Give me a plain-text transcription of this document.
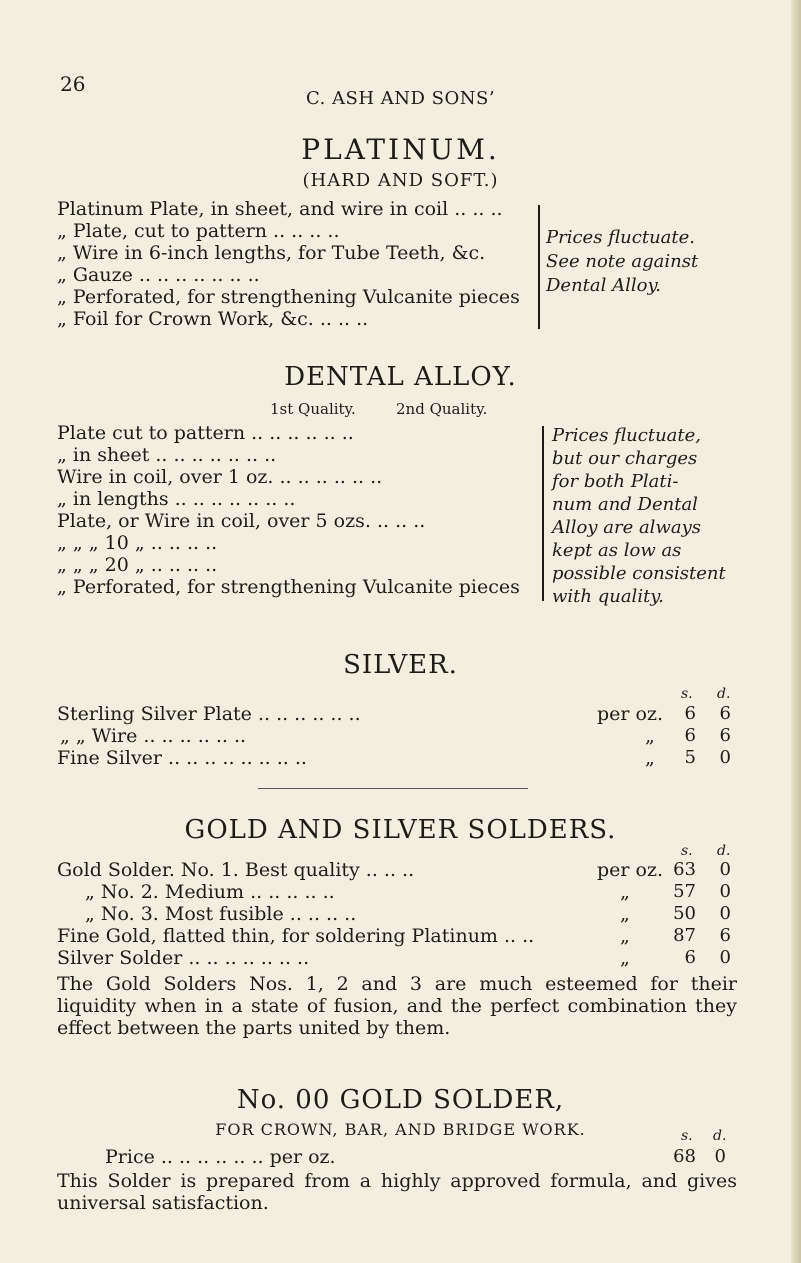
26
C. ASH AND SONS’
PLATINUM.
(HARD AND SOFT.)
Platinum Plate, in sheet, and wire in coil .. .. ..
„ Plate, cut to pattern .. .. .. ..
„ Wire in 6-inch lengths, for Tube Teeth, &c.
„ Gauze .. .. .. .. .. .. ..
„ Perforated, for strengthening Vulcanite pieces
„ Foil for Crown Work, &c. .. .. ..
Prices fluctuate.
See note against
Dental Alloy.
DENTAL ALLOY.
1st Quality.	2nd Quality.
Plate cut to pattern .. .. .. .. .. ..
„ in sheet .. .. .. .. .. .. ..
Wire in coil, over 1 oz. .. .. .. .. .. ..
„ in lengths .. .. .. .. .. .. ..
Plate, or Wire in coil, over 5 ozs. .. .. ..
„ „ „ 10 „ .. .. .. ..
„ „ „ 20 „ .. .. .. ..
„ Perforated, for strengthening Vulcanite pieces
Prices fluctuate,
but our charges
for both Plati-
num and Dental
Alloy are always
kept as low as
possible consistent
with quality.
SILVER.
s. d.
Sterling Silver Plate .. .. .. .. .. ..	per oz.	6	6
„ „ Wire .. .. .. .. .. ..	„	6	6
Fine Silver .. .. .. .. .. .. .. ..	„	5	0
GOLD AND SILVER SOLDERS.
s. d.
Gold Solder. No. 1. Best quality .. .. ..	per oz. 63	0
„ No. 2. Medium .. .. .. .. ..	„	57	0
„ No. 3. Most fusible .. .. .. ..	„	50	0
Fine Gold, flatted thin, for soldering Platinum .. ..	„	87	6
Silver Solder .. .. .. .. .. .. ..	„	6	0
The Gold Solders Nos. 1, 2 and 3 are much esteemed for their liquidity when in a state of fusion, and the perfect combination they effect between the parts united by them.
No. 00 GOLD SOLDER,
FOR CROWN, BAR, AND BRIDGE WORK.	s. d.
Price .. .. .. .. .. .. per oz.	68	0
This Solder is prepared from a highly approved formula, and gives universal satisfaction.
